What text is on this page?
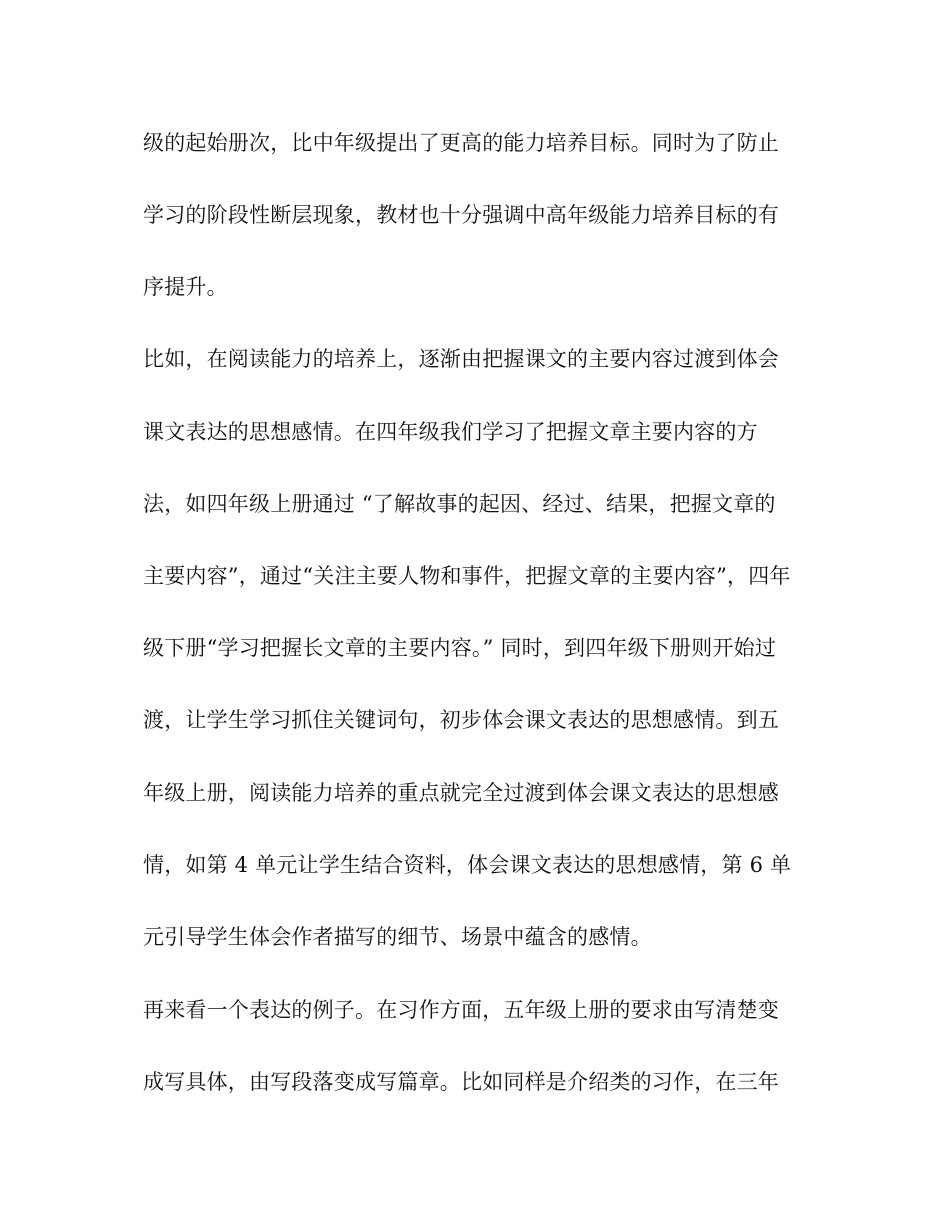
级的起始册次，比中年级提出了更高的能力培养目标。同时为了防止
学习的阶段性断层现象，教材也十分强调中高年级能力培养目标的有
序提升。
比如，在阅读能力的培养上，逐渐由把握课文的主要内容过渡到体会
课文表达的思想感情。在四年级我们学习了把握文章主要内容的方
法，如四年级上册通过 “了解故事的起因、经过、结果，把握文章的
主要内容”，通过“关注主要人物和事件，把握文章的主要内容”，四年
级下册“学习把握长文章的主要内容。” 同时，到四年级下册则开始过
渡，让学生学习抓住关键词句，初步体会课文表达的思想感情。到五
年级上册，阅读能力培养的重点就完全过渡到体会课文表达的思想感
情，如第 4 单元让学生结合资料，体会课文表达的思想感情，第 6 单
元引导学生体会作者描写的细节、场景中蕴含的感情。
再来看一个表达的例子。在习作方面，五年级上册的要求由写清楚变
成写具体，由写段落变成写篇章。比如同样是介绍类的习作，在三年
